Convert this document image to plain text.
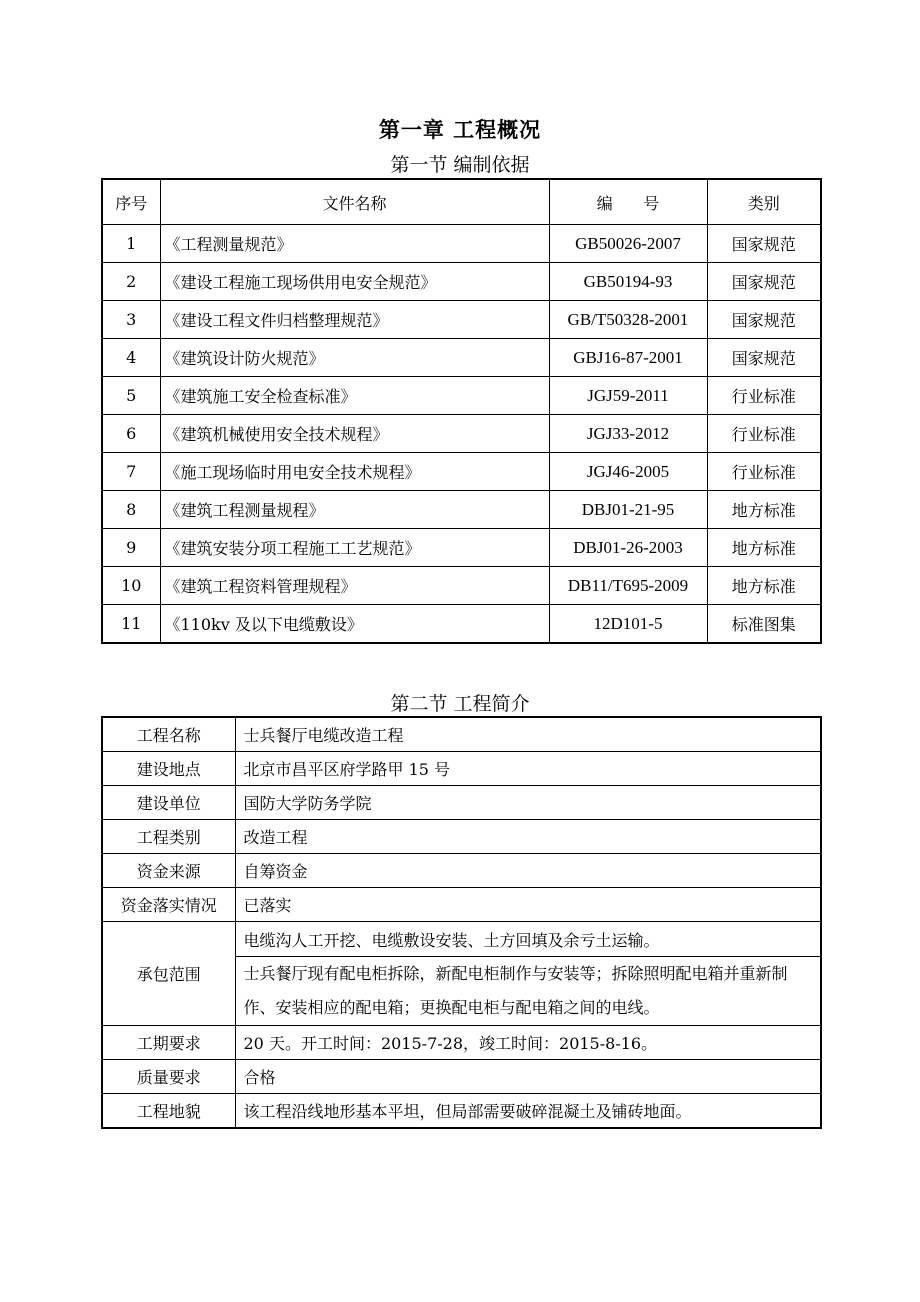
第一章 工程概况
第一节 编制依据
序号	文件名称	编      号	类别
1	《工程测量规范》	GB50026-2007	国家规范
2	《建设工程施工现场供用电安全规范》	GB50194-93	国家规范
3	《建设工程文件归档整理规范》	GB/T50328-2001	国家规范
4	《建筑设计防火规范》	GBJ16-87-2001	国家规范
5	《建筑施工安全检查标准》	JGJ59-2011	行业标准
6	《建筑机械使用安全技术规程》	JGJ33-2012	行业标准
7	《施工现场临时用电安全技术规程》	JGJ46-2005	行业标准
8	《建筑工程测量规程》	DBJ01-21-95	地方标准
9	《建筑安装分项工程施工工艺规范》	DBJ01-26-2003	地方标准
10	《建筑工程资料管理规程》	DB11/T695-2009	地方标准
11	《110kv 及以下电缆敷设》	12D101-5	标准图集
第二节 工程简介
工程名称	士兵餐厅电缆改造工程
建设地点	北京市昌平区府学路甲 15 号
建设单位	国防大学防务学院
工程类别	改造工程
资金来源	自筹资金
资金落实情况	已落实
承包范围	电缆沟人工开挖、电缆敷设安装、土方回填及余亏土运输。
	士兵餐厅现有配电柜拆除，新配电柜制作与安装等；拆除照明配电箱并重新制作、安装相应的配电箱；更换配电柜与配电箱之间的电线。
工期要求	20 天。开工时间：2015-7-28，竣工时间：2015-8-16。
质量要求	合格
工程地貌	该工程沿线地形基本平坦，但局部需要破碎混凝土及铺砖地面。
